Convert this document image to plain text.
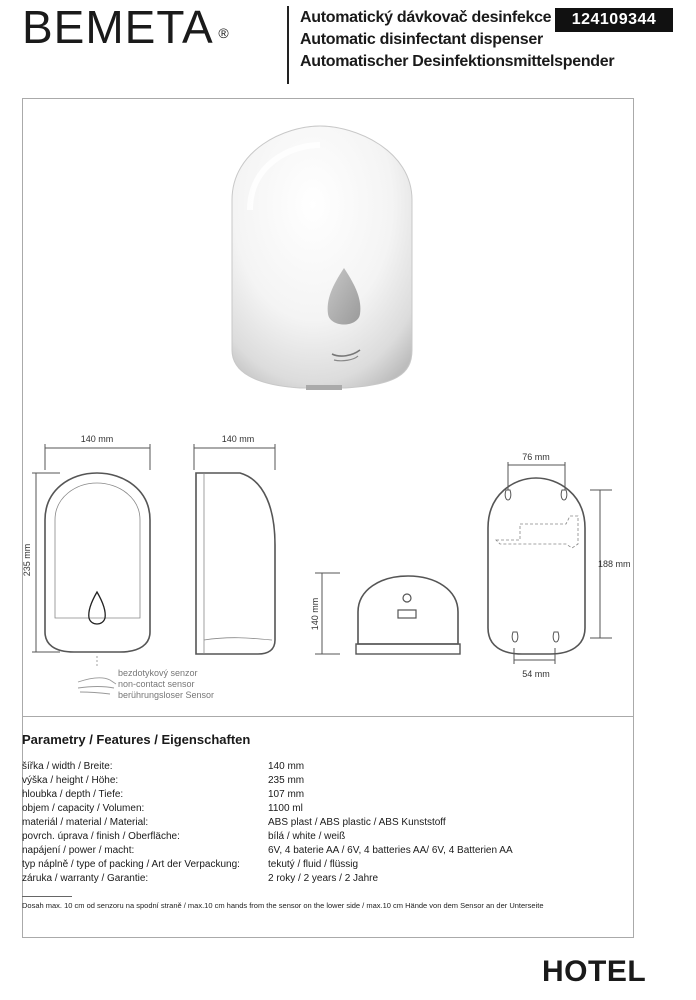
BEMETA ®
Automatický dávkovač desinfekce
Automatic disinfectant dispenser
Automatischer Desinfektionsmittelspender
124109344
140 mm
235 mm
140 mm
140 mm
76 mm
188 mm
54 mm
bezdotykový senzor
non-contact sensor
berührungsloser Sensor
Parametry / Features / Eigenschaften
šířka / width / Breite:	140 mm
výška / height / Höhe:	235 mm
hloubka / depth / Tiefe:	107 mm
objem / capacity / Volumen:	1100 ml
materiál / material / Material:	ABS plast / ABS plastic / ABS Kunststoff
povrch. úprava / finish / Oberfläche:	bílá / white / weiß
napájení / power / macht:	6V, 4 baterie AA / 6V, 4 batteries AA/ 6V, 4 Batterien AA
typ náplně / type of packing / Art der Verpackung:	tekutý / fluid / flüssig
záruka / warranty / Garantie:	2 roky / 2 years / 2 Jahre
Dosah max. 10 cm od senzoru na spodní straně / max.10 cm hands from the sensor on the lower side / max.10 cm Hände von dem Sensor an der Unterseite
HOTEL
